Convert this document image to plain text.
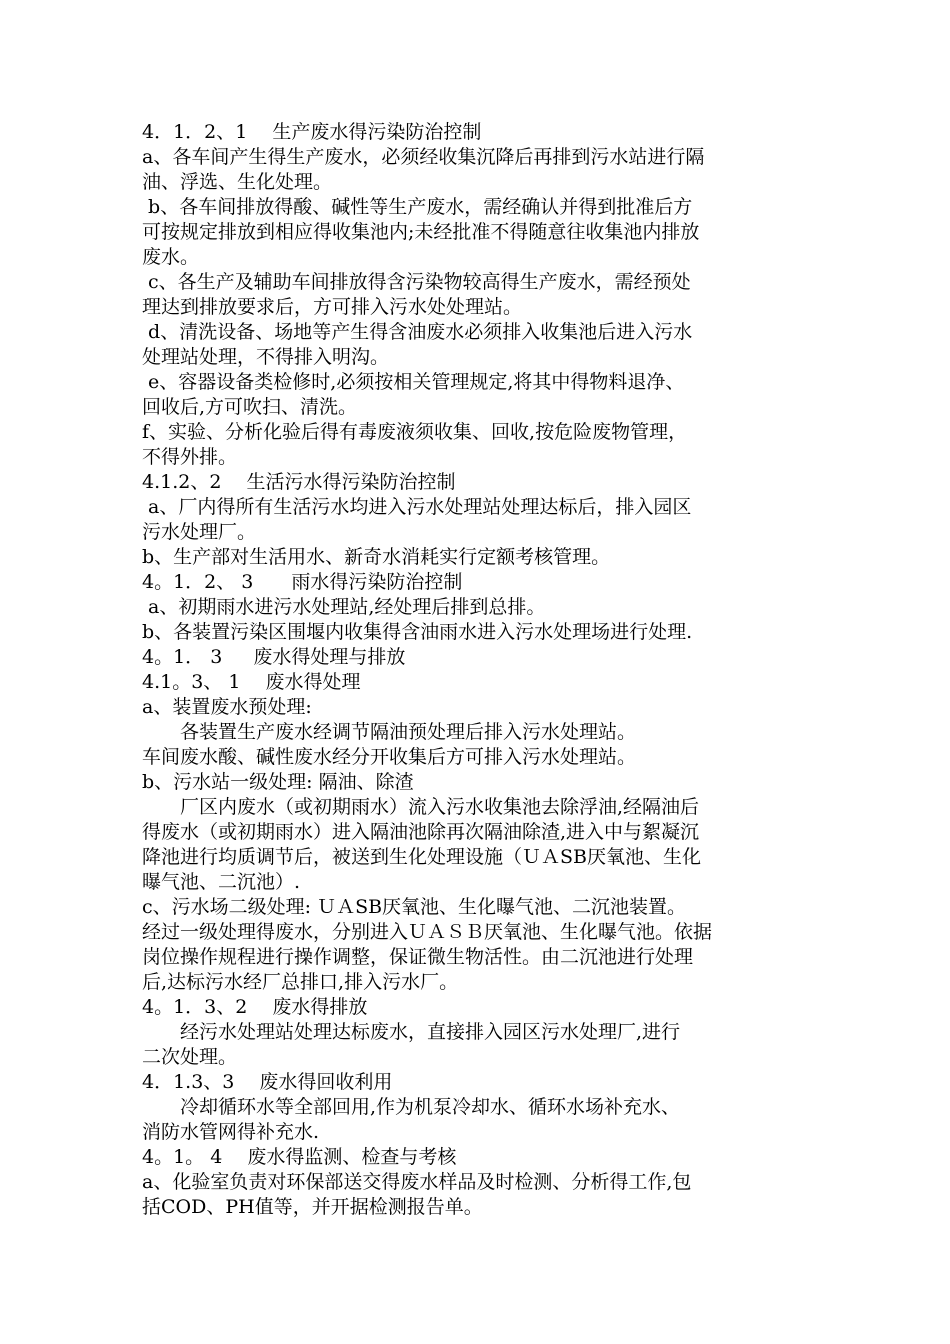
4．1．2、1　 生产废水得污染防治控制
a、各车间产生得生产废水，必须经收集沉降后再排到污水站进行隔
油、浮选、生化处理。
b、各车间排放得酸、碱性等生产废水，需经确认并得到批准后方
可按规定排放到相应得收集池内;未经批准不得随意往收集池内排放
废水。
c、各生产及辅助车间排放得含污染物较高得生产废水，需经预处
理达到排放要求后，方可排入污水处处理站。
d、清洗设备、场地等产生得含油废水必须排入收集池后进入污水
处理站处理，不得排入明沟。
e、容器设备类检修时,必须按相关管理规定,将其中得物料退净、
回收后,方可吹扫、清洗。
f、实验、分析化验后得有毒废液须收集、回收,按危险废物管理，
不得外排。
4.1.2、2　 生活污水得污染防治控制
a、厂内得所有生活污水均进入污水处理站处理达标后，排入园区
污水处理厂。
b、生产部对生活用水、新奇水消耗实行定额考核管理。
4。1．2、 3　　雨水得污染防治控制
a、初期雨水进污水处理站,经处理后排到总排。
b、各装置污染区围堰内收集得含油雨水进入污水处理场进行处理.
4。1． 3 　 废水得处理与排放
4.1。3、 1 　废水得处理
a、装置废水预处理:
　　各装置生产废水经调节隔油预处理后排入污水处理站。
车间废水酸、碱性废水经分开收集后方可排入污水处理站。
b、污水站一级处理: 隔油、除渣
　　厂区内废水（或初期雨水）流入污水收集池去除浮油,经隔油后
得废水（或初期雨水）进入隔油池除再次隔油除渣,进入中与絮凝沉
降池进行均质调节后，被送到生化处理设施（ＵＡSB厌氧池、生化
曝气池、二沉池）.
c、污水场二级处理: ＵＡSB厌氧池、生化曝气池、二沉池装置。
经过一级处理得废水，分别进入ＵＡＳＢ厌氧池、生化曝气池。依据
岗位操作规程进行操作调整，保证微生物活性。由二沉池进行处理
后,达标污水经厂总排口,排入污水厂。
4。1．3、2　 废水得排放
　　经污水处理站处理达标废水，直接排入园区污水处理厂,进行
二次处理。
4．1.3、3 　废水得回收利用
　　冷却循环水等全部回用,作为机泵冷却水、循环水场补充水、
消防水管网得补充水.
4。1。 4 　废水得监测、检查与考核
a、化验室负责对环保部送交得废水样品及时检测、分析得工作,包
括COD、PH值等，并开据检测报告单。
